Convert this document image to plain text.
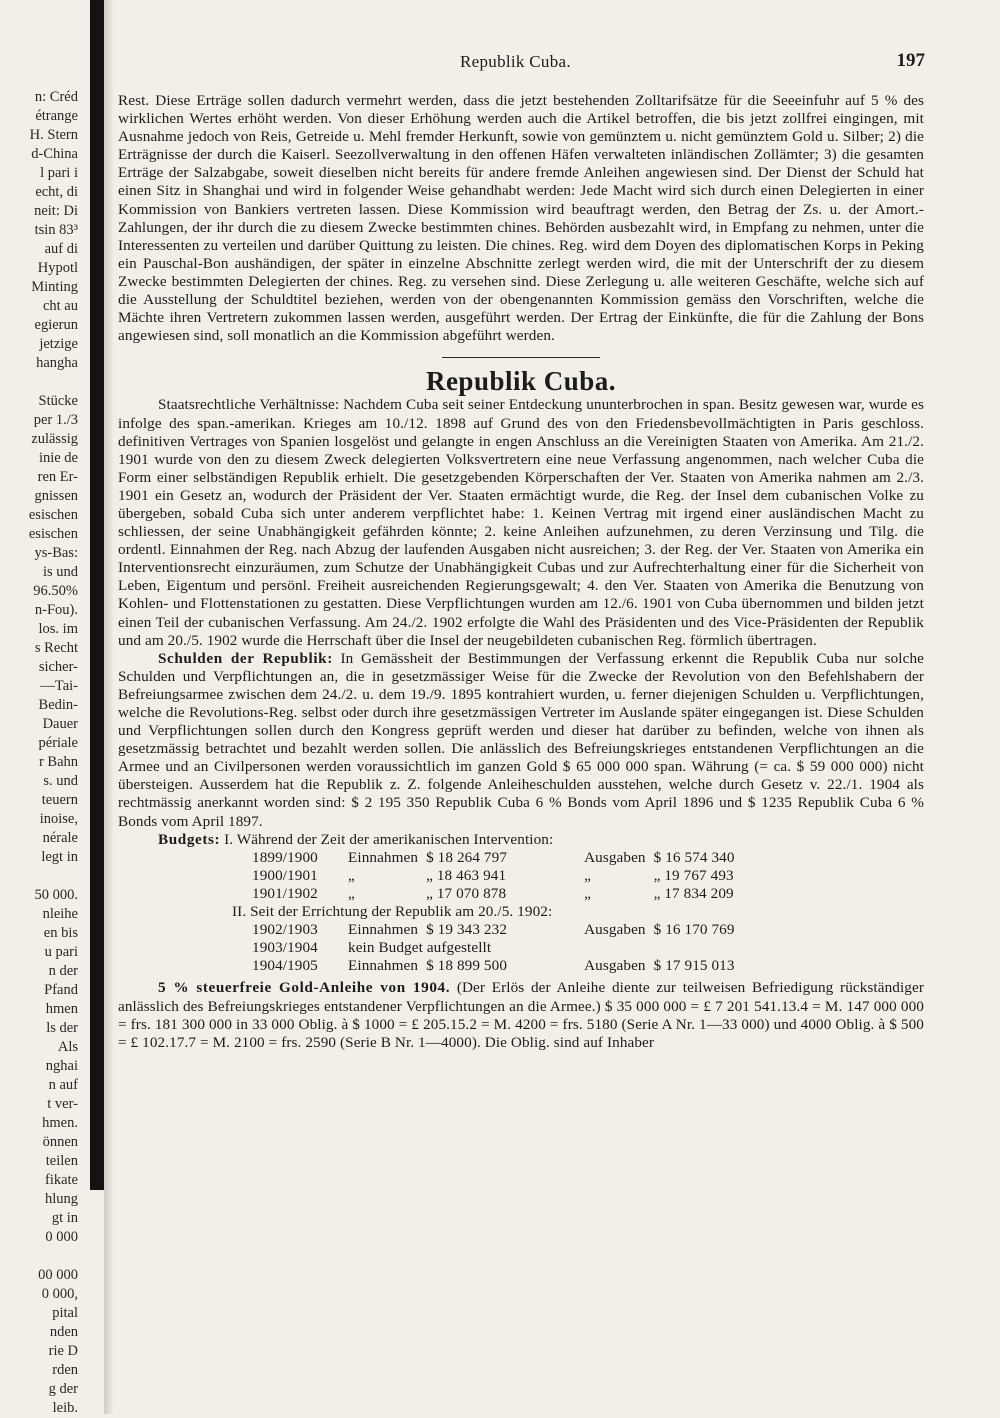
n: Créd
étrange
H. Stern
d-China
l pari i
echt, di
neit: Di
tsin 83³
auf di
Hypotl
Minting
cht au
egierun
jetzige
hangha
Stücke
per 1./3
zulässig
inie de
ren Er-
gnissen
esischen
esischen
ys-Bas:
is und
96.50%
n-Fou).
los. im
s Recht
sicher-
—Tai-
Bedin-
Dauer
périale
r Bahn
s. und
teuern
inoise,
nérale
legt in
50 000.
nleihe
en bis
u pari
n der
Pfand
hmen
ls der
Als
nghai
n auf
t ver-
hmen.
önnen
teilen
fikate
hlung
gt in
0 000
00 000
0 000,
pital
nden
rie D
rden
g der
leib.
Republik Cuba.	197

Rest. Diese Erträge sollen dadurch vermehrt werden, dass die jetzt bestehenden Zolltarifsätze für die Seeeinfuhr auf 5 % des wirklichen Wertes erhöht werden. Von dieser Erhöhung werden auch die Artikel betroffen, die bis jetzt zollfrei eingingen, mit Ausnahme jedoch von Reis, Getreide u. Mehl fremder Herkunft, sowie von gemünztem u. nicht gemünztem Gold u. Silber; 2) die Erträgnisse der durch die Kaiserl. Seezollverwaltung in den offenen Häfen verwalteten inländischen Zollämter; 3) die gesamten Erträge der Salzabgabe, soweit dieselben nicht bereits für andere fremde Anleihen angewiesen sind. Der Dienst der Schuld hat einen Sitz in Shanghai und wird in folgender Weise gehandhabt werden: Jede Macht wird sich durch einen Delegierten in einer Kommission von Bankiers vertreten lassen. Diese Kommission wird beauftragt werden, den Betrag der Zs. u. der Amort.-Zahlungen, der ihr durch die zu diesem Zwecke bestimmten chines. Behörden ausbezahlt wird, in Empfang zu nehmen, unter die Interessenten zu verteilen und darüber Quittung zu leisten. Die chines. Reg. wird dem Doyen des diplomatischen Korps in Peking ein Pauschal-Bon aushändigen, der später in einzelne Abschnitte zerlegt werden wird, die mit der Unterschrift der zu diesem Zwecke bestimmten Delegierten der chines. Reg. zu versehen sind. Diese Zerlegung u. alle weiteren Geschäfte, welche sich auf die Ausstellung der Schuldtitel beziehen, werden von der obengenannten Kommission gemäss den Vorschriften, welche die Mächte ihren Vertretern zukommen lassen werden, ausgeführt werden. Der Ertrag der Einkünfte, die für die Zahlung der Bons angewiesen sind, soll monatlich an die Kommission abgeführt werden.

Republik Cuba.

Staatsrechtliche Verhältnisse: Nachdem Cuba seit seiner Entdeckung ununterbrochen in span. Besitz gewesen war, wurde es infolge des span.-amerikan. Krieges am 10./12. 1898 auf Grund des von den Friedensbevollmächtigten in Paris geschloss. definitiven Vertrages von Spanien losgelöst und gelangte in engen Anschluss an die Vereinigten Staaten von Amerika. Am 21./2. 1901 wurde von den zu diesem Zweck delegierten Volksvertretern eine neue Verfassung angenommen, nach welcher Cuba die Form einer selbständigen Republik erhielt. Die gesetzgebenden Körperschaften der Ver. Staaten von Amerika nahmen am 2./3. 1901 ein Gesetz an, wodurch der Präsident der Ver. Staaten ermächtigt wurde, die Reg. der Insel dem cubanischen Volke zu übergeben, sobald Cuba sich unter anderem verpflichtet habe: 1. Keinen Vertrag mit irgend einer ausländischen Macht zu schliessen, der seine Unabhängigkeit gefährden könnte; 2. keine Anleihen aufzunehmen, zu deren Verzinsung und Tilg. die ordentl. Einnahmen der Reg. nach Abzug der laufenden Ausgaben nicht ausreichen; 3. der Reg. der Ver. Staaten von Amerika ein Interventionsrecht einzuräumen, zum Schutze der Unabhängigkeit Cubas und zur Aufrechterhaltung einer für die Sicherheit von Leben, Eigentum und persönl. Freiheit ausreichenden Regierungsgewalt; 4. den Ver. Staaten von Amerika die Benutzung von Kohlen- und Flottenstationen zu gestatten. Diese Verpflichtungen wurden am 12./6. 1901 von Cuba übernommen und bilden jetzt einen Teil der cubanischen Verfassung. Am 24./2. 1902 erfolgte die Wahl des Präsidenten und des Vice-Präsidenten der Republik und am 20./5. 1902 wurde die Herrschaft über die Insel der neugebildeten cubanischen Reg. förmlich übertragen.

Schulden der Republik: In Gemässheit der Bestimmungen der Verfassung erkennt die Republik Cuba nur solche Schulden und Verpflichtungen an, die in gesetzmässiger Weise für die Zwecke der Revolution von den Befehlshabern der Befreiungsarmee zwischen dem 24./2. u. dem 19./9. 1895 kontrahiert wurden, u. ferner diejenigen Schulden u. Verpflichtungen, welche die Revolutions-Reg. selbst oder durch ihre gesetzmässigen Vertreter im Auslande später eingegangen ist. Diese Schulden und Verpflichtungen sollen durch den Kongress geprüft werden und dieser hat darüber zu befinden, welche von ihnen als gesetzmässig betrachtet und bezahlt werden sollen. Die anlässlich des Befreiungskrieges entstandenen Verpflichtungen an die Armee und an Civilpersonen werden voraussichtlich im ganzen Gold $ 65 000 000 span. Währung (= ca. $ 59 000 000) nicht übersteigen. Ausserdem hat die Republik z. Z. folgende Anleiheschulden ausstehen, welche durch Gesetz v. 22./1. 1904 als rechtmässig anerkannt worden sind: $ 2 195 350 Republik Cuba 6 % Bonds vom April 1896 und $ 1235 Republik Cuba 6 % Bonds vom April 1897.

Budgets: I. Während der Zeit der amerikanischen Intervention:
1899/1900	Einnahmen	$ 18 264 797	Ausgaben	$ 16 574 340
1900/1901	„	„ 18 463 941	„	„ 19 767 493
1901/1902	„	„ 17 070 878	„	„ 17 834 209
II. Seit der Errichtung der Republik am 20./5. 1902:
1902/1903	Einnahmen	$ 19 343 232	Ausgaben	$ 16 170 769
1903/1904	kein Budget aufgestellt			
1904/1905	Einnahmen	$ 18 899 500	Ausgaben	$ 17 915 013

5 % steuerfreie Gold-Anleihe von 1904. (Der Erlös der Anleihe diente zur teilweisen Befriedigung rückständiger anlässlich des Befreiungskrieges entstandener Verpflichtungen an die Armee.) $ 35 000 000 = £ 7 201 541.13.4 = M. 147 000 000 = frs. 181 300 000 in 33 000 Oblig. à $ 1000 = £ 205.15.2 = M. 4200 = frs. 5180 (Serie A Nr. 1—33 000) und 4000 Oblig. à $ 500 = £ 102.17.7 = M. 2100 = frs. 2590 (Serie B Nr. 1—4000). Die Oblig. sind auf Inhaber
